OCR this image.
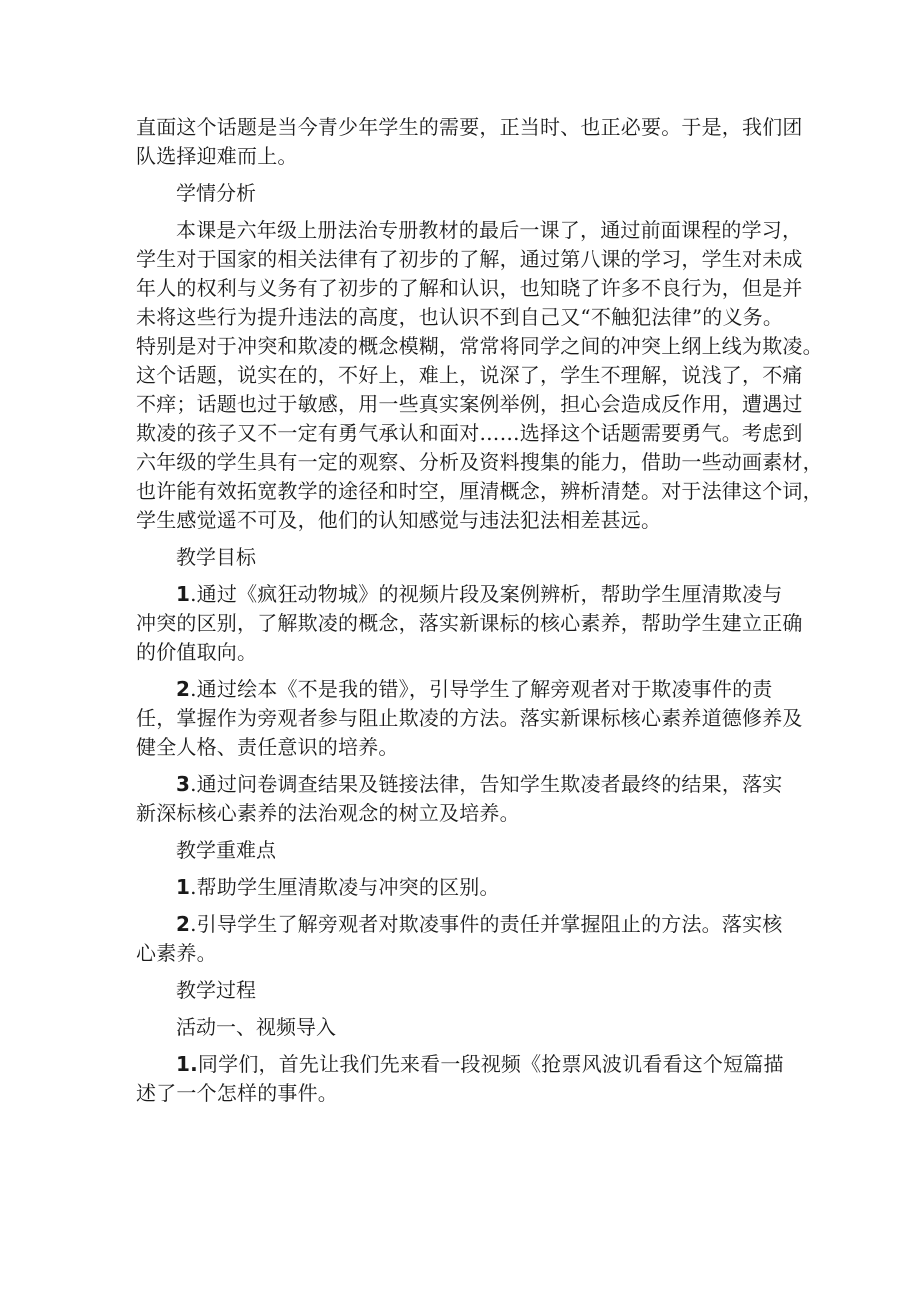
直面这个话题是当今青少年学生的需要，正当时、也正必要。于是，我们团
队选择迎难而上。
学情分析
本课是六年级上册法治专册教材的最后一课了，通过前面课程的学习，
学生对于国家的相关法律有了初步的了解，通过第八课的学习，学生对未成
年人的权利与义务有了初步的了解和认识，也知晓了许多不良行为，但是并
未将这些行为提升违法的高度，也认识不到自己又“不触犯法律”的义务。
特别是对于冲突和欺凌的概念模糊，常常将同学之间的冲突上纲上线为欺凌。
这个话题，说实在的，不好上，难上，说深了，学生不理解，说浅了，不痛
不痒；话题也过于敏感，用一些真实案例举例，担心会造成反作用，遭遇过
欺凌的孩子又不一定有勇气承认和面对……选择这个话题需要勇气。考虑到
六年级的学生具有一定的观察、分析及资料搜集的能力，借助一些动画素材，
也许能有效拓宽教学的途径和时空，厘清概念，辨析清楚。对于法律这个词，
学生感觉遥不可及，他们的认知感觉与违法犯法相差甚远。
教学目标
1.通过《疯狂动物城》的视频片段及案例辨析，帮助学生厘清欺凌与
冲突的区别，了解欺凌的概念，落实新课标的核心素养，帮助学生建立正确
的价值取向。
2.通过绘本《不是我的错》，引导学生了解旁观者对于欺凌事件的责
任，掌握作为旁观者参与阻止欺凌的方法。落实新课标核心素养道德修养及
健全人格、责任意识的培养。
3.通过问卷调查结果及链接法律，告知学生欺凌者最终的结果，落实
新深标核心素养的法治观念的树立及培养。
教学重难点
1.帮助学生厘清欺凌与冲突的区别。
2.引导学生了解旁观者对欺凌事件的责任并掌握阻止的方法。落实核
心素养。
教学过程
活动一、视频导入
1.同学们，首先让我们先来看一段视频《抢票风波讥看看这个短篇描
述了一个怎样的事件。
